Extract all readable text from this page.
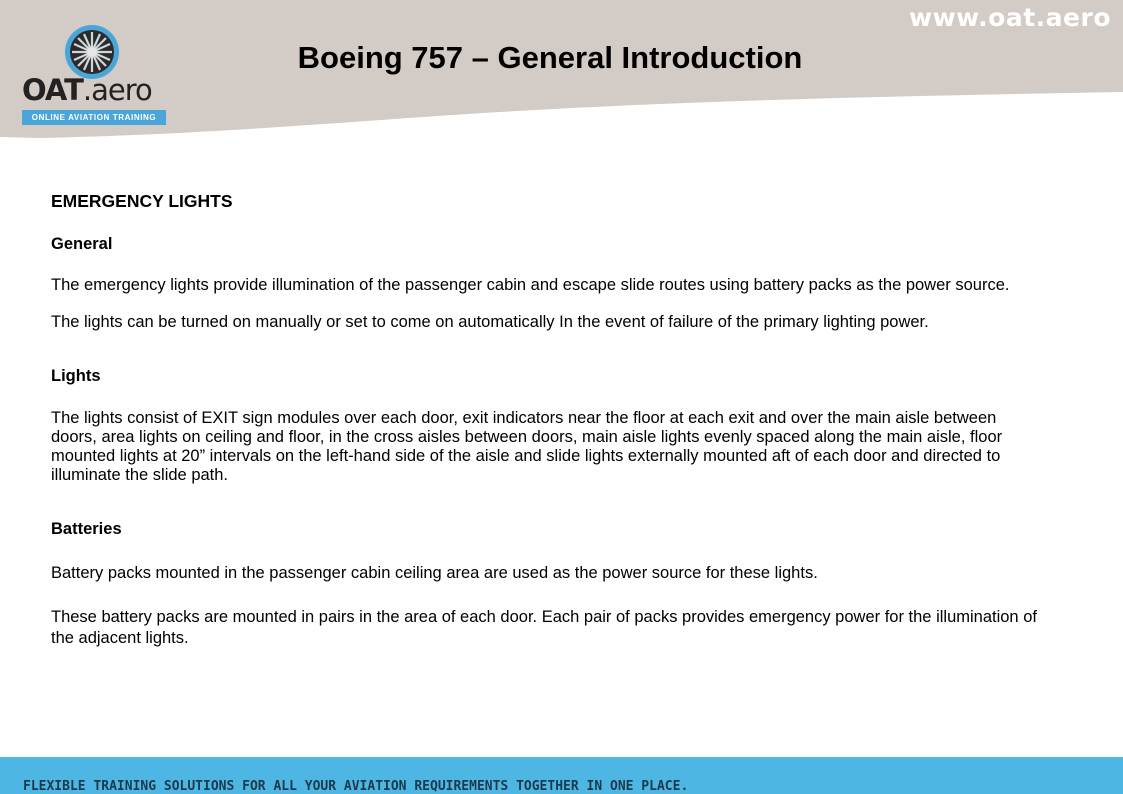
www.oat.aero
OAT.aero
ONLINE AVIATION TRAINING
Boeing 757 – General Introduction

EMERGENCY LIGHTS

General

The emergency lights provide illumination of the passenger cabin and escape slide routes using battery packs as the power source.

The lights can be turned on manually or set to come on automatically In the event of failure of the primary lighting power.

Lights

The lights consist of EXIT sign modules over each door, exit indicators near the floor at each exit and over the main aisle between doors, area lights on ceiling and floor, in the cross aisles between doors, main aisle lights evenly spaced along the main aisle, floor mounted lights at 20” intervals on the left-hand side of the aisle and slide lights externally mounted aft of each door and directed to illuminate the slide path.

Batteries

Battery packs mounted in the passenger cabin ceiling area are used as the power source for these lights.

These battery packs are mounted in pairs in the area of each door. Each pair of packs provides emergency power for the illumination of the adjacent lights.

FLEXIBLE TRAINING SOLUTIONS FOR ALL YOUR AVIATION REQUIREMENTS TOGETHER IN ONE PLACE.
